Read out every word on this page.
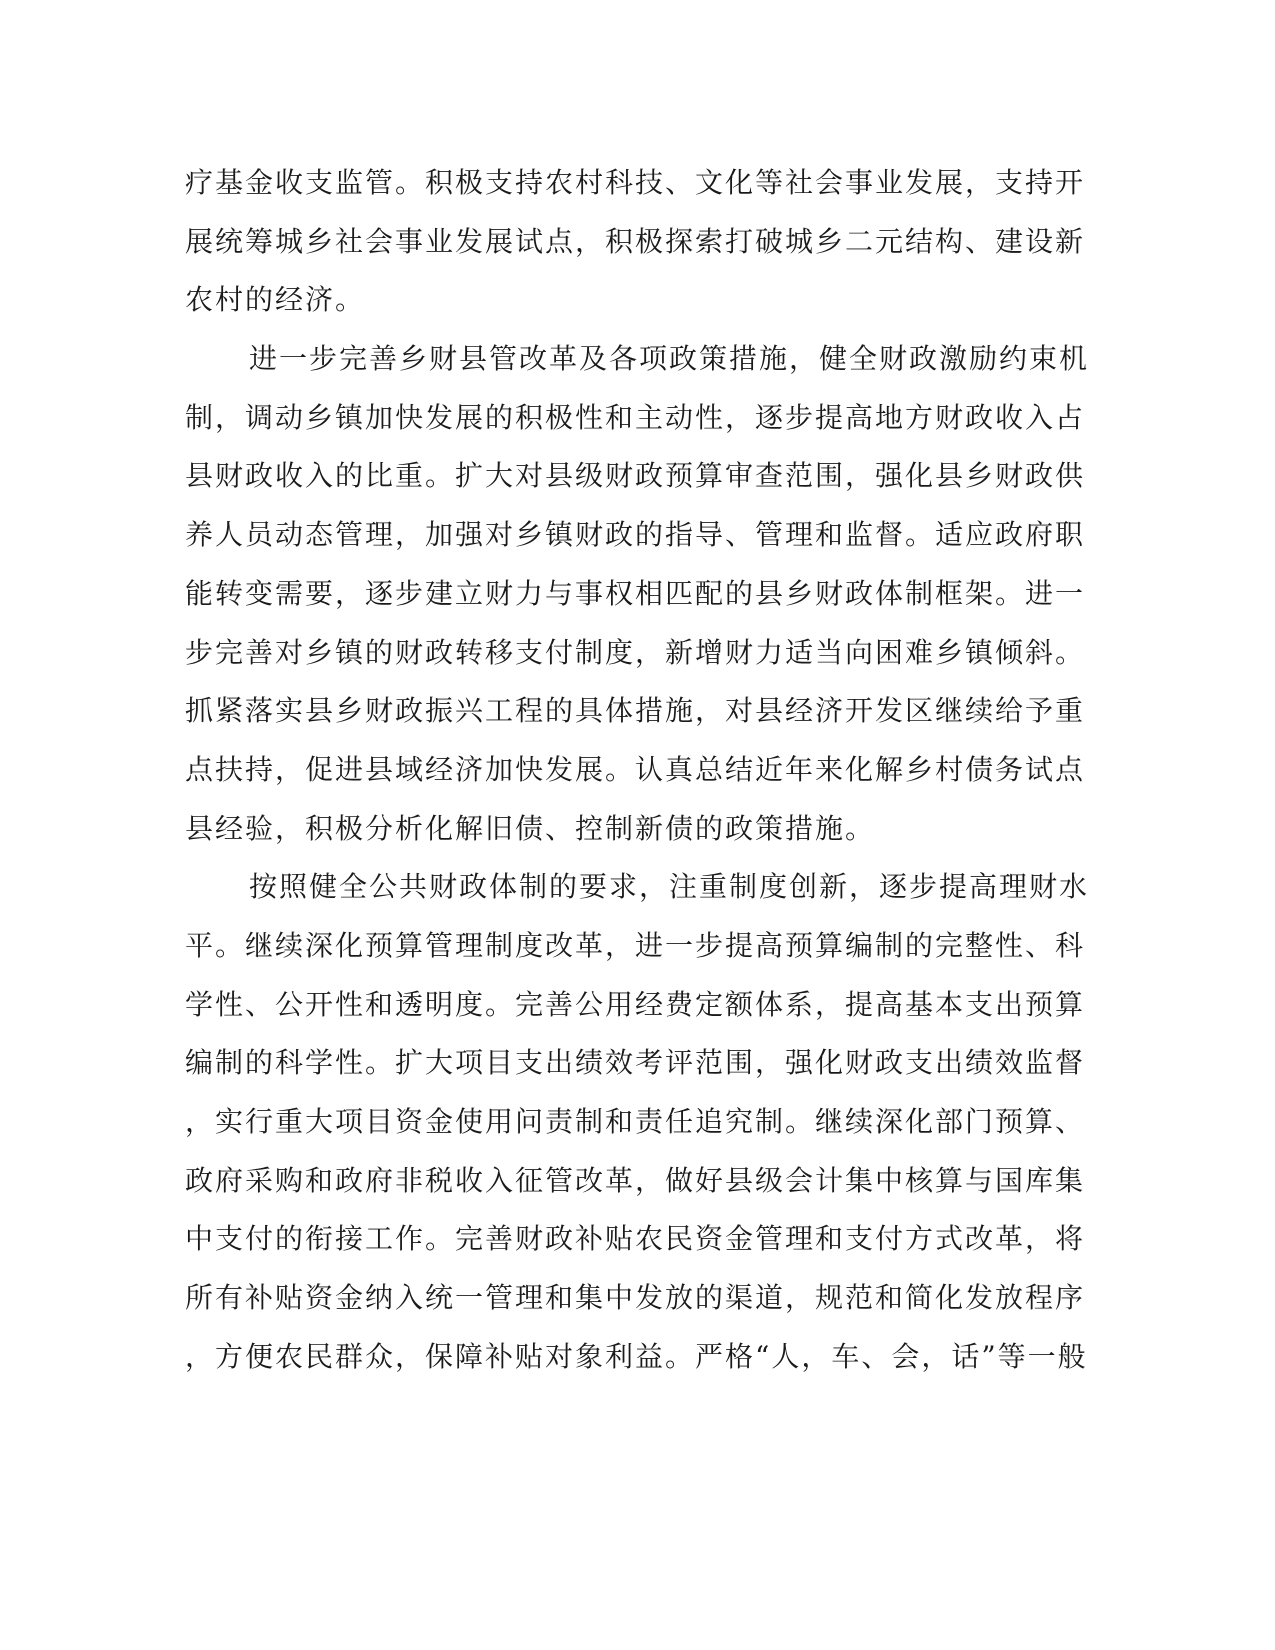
疗基金收支监管。积极支持农村科技、文化等社会事业发展，支持开
展统筹城乡社会事业发展试点，积极探索打破城乡二元结构、建设新
农村的经济。
进一步完善乡财县管改革及各项政策措施，健全财政激励约束机
制，调动乡镇加快发展的积极性和主动性，逐步提高地方财政收入占
县财政收入的比重。扩大对县级财政预算审查范围，强化县乡财政供
养人员动态管理，加强对乡镇财政的指导、管理和监督。适应政府职
能转变需要，逐步建立财力与事权相匹配的县乡财政体制框架。进一
步完善对乡镇的财政转移支付制度，新增财力适当向困难乡镇倾斜。
抓紧落实县乡财政振兴工程的具体措施，对县经济开发区继续给予重
点扶持，促进县域经济加快发展。认真总结近年来化解乡村债务试点
县经验，积极分析化解旧债、控制新债的政策措施。
按照健全公共财政体制的要求，注重制度创新，逐步提高理财水
平。继续深化预算管理制度改革，进一步提高预算编制的完整性、科
学性、公开性和透明度。完善公用经费定额体系，提高基本支出预算
编制的科学性。扩大项目支出绩效考评范围，强化财政支出绩效监督
，实行重大项目资金使用问责制和责任追究制。继续深化部门预算、
政府采购和政府非税收入征管改革，做好县级会计集中核算与国库集
中支付的衔接工作。完善财政补贴农民资金管理和支付方式改革，将
所有补贴资金纳入统一管理和集中发放的渠道，规范和简化发放程序
，方便农民群众，保障补贴对象利益。严格“人，车、会，话”等一般
